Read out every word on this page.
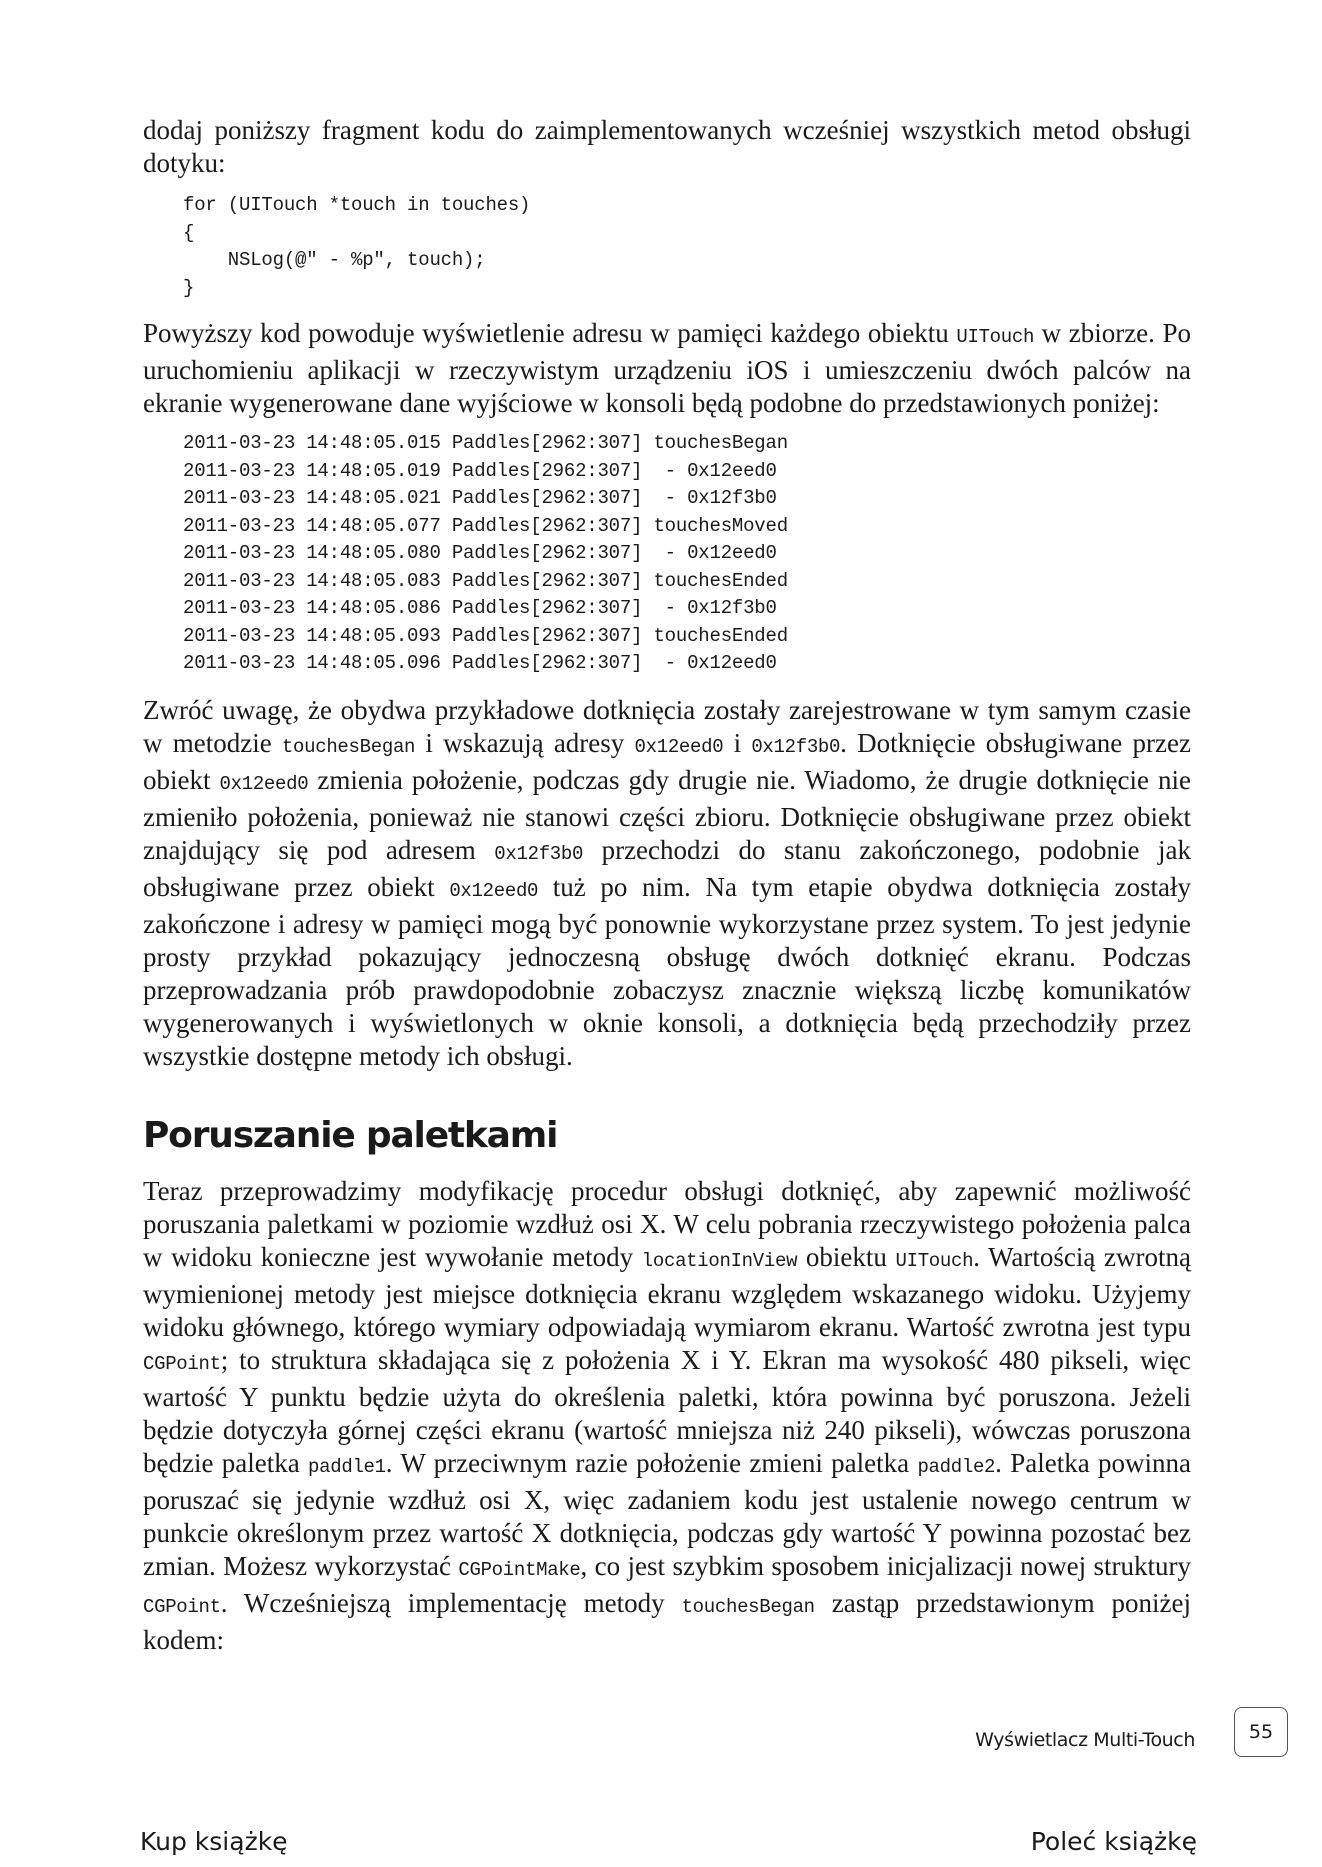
dodaj poniższy fragment kodu do zaimplementowanych wcześniej wszystkich metod obsługi dotyku:

for (UITouch *touch in touches)
{
NSLog(@" - %p", touch);
}

Powyższy kod powoduje wyświetlenie adresu w pamięci każdego obiektu UITouch w zbiorze. Po uruchomieniu aplikacji w rzeczywistym urządzeniu iOS i umieszczeniu dwóch palców na ekranie wygenerowane dane wyjściowe w konsoli będą podobne do przedstawionych poniżej:

2011-03-23 14:48:05.015 Paddles[2962:307] touchesBegan
2011-03-23 14:48:05.019 Paddles[2962:307]  - 0x12eed0
2011-03-23 14:48:05.021 Paddles[2962:307]  - 0x12f3b0
2011-03-23 14:48:05.077 Paddles[2962:307] touchesMoved
2011-03-23 14:48:05.080 Paddles[2962:307]  - 0x12eed0
2011-03-23 14:48:05.083 Paddles[2962:307] touchesEnded
2011-03-23 14:48:05.086 Paddles[2962:307]  - 0x12f3b0
2011-03-23 14:48:05.093 Paddles[2962:307] touchesEnded
2011-03-23 14:48:05.096 Paddles[2962:307]  - 0x12eed0

Zwróć uwagę, że obydwa przykładowe dotknięcia zostały zarejestrowane w tym samym czasie w metodzie touchesBegan i wskazują adresy 0x12eed0 i 0x12f3b0. Dotknięcie obsługiwane przez obiekt 0x12eed0 zmienia położenie, podczas gdy drugie nie. Wiadomo, że drugie dotknięcie nie zmieniło położenia, ponieważ nie stanowi części zbioru. Dotknięcie obsługiwane przez obiekt znajdujący się pod adresem 0x12f3b0 przechodzi do stanu zakończonego, podobnie jak obsługiwane przez obiekt 0x12eed0 tuż po nim. Na tym etapie obydwa dotknięcia zostały zakończone i adresy w pamięci mogą być ponownie wykorzystane przez system. To jest jedynie prosty przykład pokazujący jednoczesną obsługę dwóch dotknięć ekranu. Podczas przeprowadzania prób prawdopodobnie zobaczysz znacznie większą liczbę komunikatów wygenerowanych i wyświetlonych w oknie konsoli, a dotknięcia będą przechodziły przez wszystkie dostępne metody ich obsługi.

Poruszanie paletkami

Teraz przeprowadzimy modyfikację procedur obsługi dotknięć, aby zapewnić możliwość poruszania paletkami w poziomie wzdłuż osi X. W celu pobrania rzeczywistego położenia palca w widoku konieczne jest wywołanie metody locationInView obiektu UITouch. Wartością zwrotną wymienionej metody jest miejsce dotknięcia ekranu względem wskazanego widoku. Użyjemy widoku głównego, którego wymiary odpowiadają wymiarom ekranu. Wartość zwrotna jest typu CGPoint; to struktura składająca się z położenia X i Y. Ekran ma wysokość 480 pikseli, więc wartość Y punktu będzie użyta do określenia paletki, która powinna być poruszona. Jeżeli będzie dotyczyła górnej części ekranu (wartość mniejsza niż 240 pikseli), wówczas poruszona będzie paletka paddle1. W przeciwnym razie położenie zmieni paletka paddle2. Paletka powinna poruszać się jedynie wzdłuż osi X, więc zadaniem kodu jest ustalenie nowego centrum w punkcie określonym przez wartość X dotknięcia, podczas gdy wartość Y powinna pozostać bez zmian. Możesz wykorzystać CGPointMake, co jest szybkim sposobem inicjalizacji nowej struktury CGPoint. Wcześniejszą implementację metody touchesBegan zastąp przedstawionym poniżej kodem:

Wyświetlacz Multi-Touch	55
Kup książkę	Poleć książkę
